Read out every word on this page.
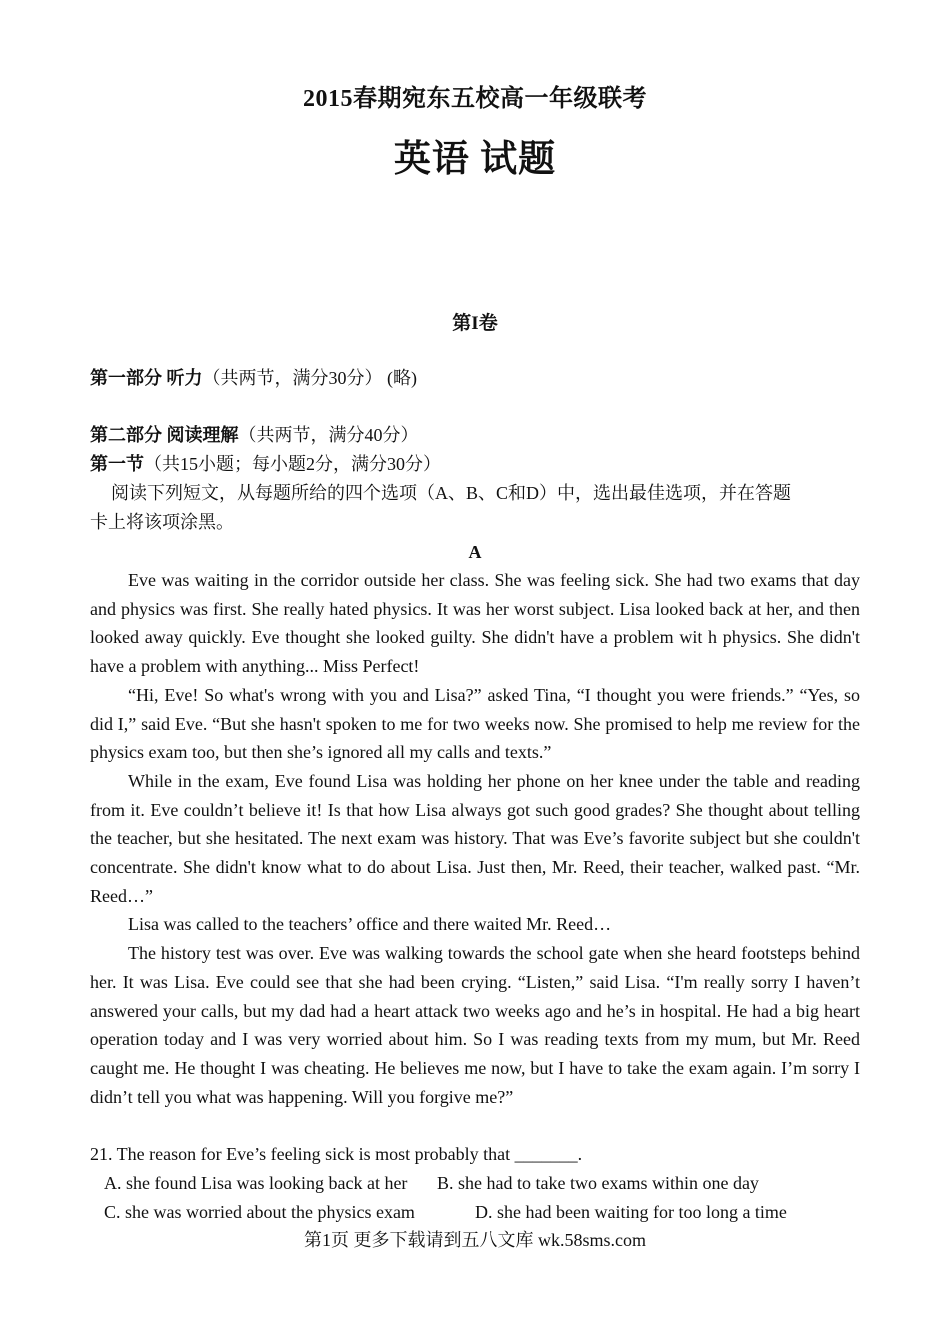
2015春期宛东五校高一年级联考
英语 试题
第I卷
第一部分 听力（共两节，满分30分） (略)
第二部分 阅读理解（共两节，满分40分）
第一节（共15小题；每小题2分，满分30分）
阅读下列短文，从每题所给的四个选项（A、B、C和D）中，选出最佳选项，并在答题
卡上将该项涂黑。
A

Eve was waiting in the corridor outside her class. She was feeling sick. She had two exams that day and physics was first. She really hated physics. It was her worst subject. Lisa looked back at her, and then looked away quickly. Eve thought she looked guilty. She didn't have a problem wit h physics. She didn't have a problem with anything... Miss Perfect!

“Hi, Eve! So what's wrong with you and Lisa?” asked Tina, “I thought you were friends.” “Yes, so did I,” said Eve. “But she hasn't spoken to me for two weeks now. She promised to help me review for the physics exam too, but then she’s ignored all my calls and texts.”

While in the exam, Eve found Lisa was holding her phone on her knee under the table and reading from it. Eve couldn’t believe it! Is that how Lisa always got such good grades? She thought about telling the teacher, but she hesitated. The next exam was history. That was Eve’s favorite subject but she couldn't concentrate. She didn't know what to do about Lisa. Just then, Mr. Reed, their teacher, walked past. “Mr. Reed…”

Lisa was called to the teachers’ office and there waited Mr. Reed…

The history test was over. Eve was walking towards the school gate when she heard footsteps behind her. It was Lisa. Eve could see that she had been crying. “Listen,” said Lisa. “I'm really sorry I haven’t answered your calls, but my dad had a heart attack two weeks ago and he’s in hospital. He had a big heart operation today and I was very worried about him. So I was reading texts from my mum, but Mr. Reed caught me. He thought I was cheating. He believes me now, but I have to take the exam again. I’m sorry I didn’t tell you what was happening. Will you forgive me?”

21. The reason for Eve’s feeling sick is most probably that _______.
A. she found Lisa was looking back at her B. she had to take two exams within one day
C. she was worried about the physics exam	D. she had been waiting for too long a time
第1页 更多下载请到五八文库 wk.58sms.com
